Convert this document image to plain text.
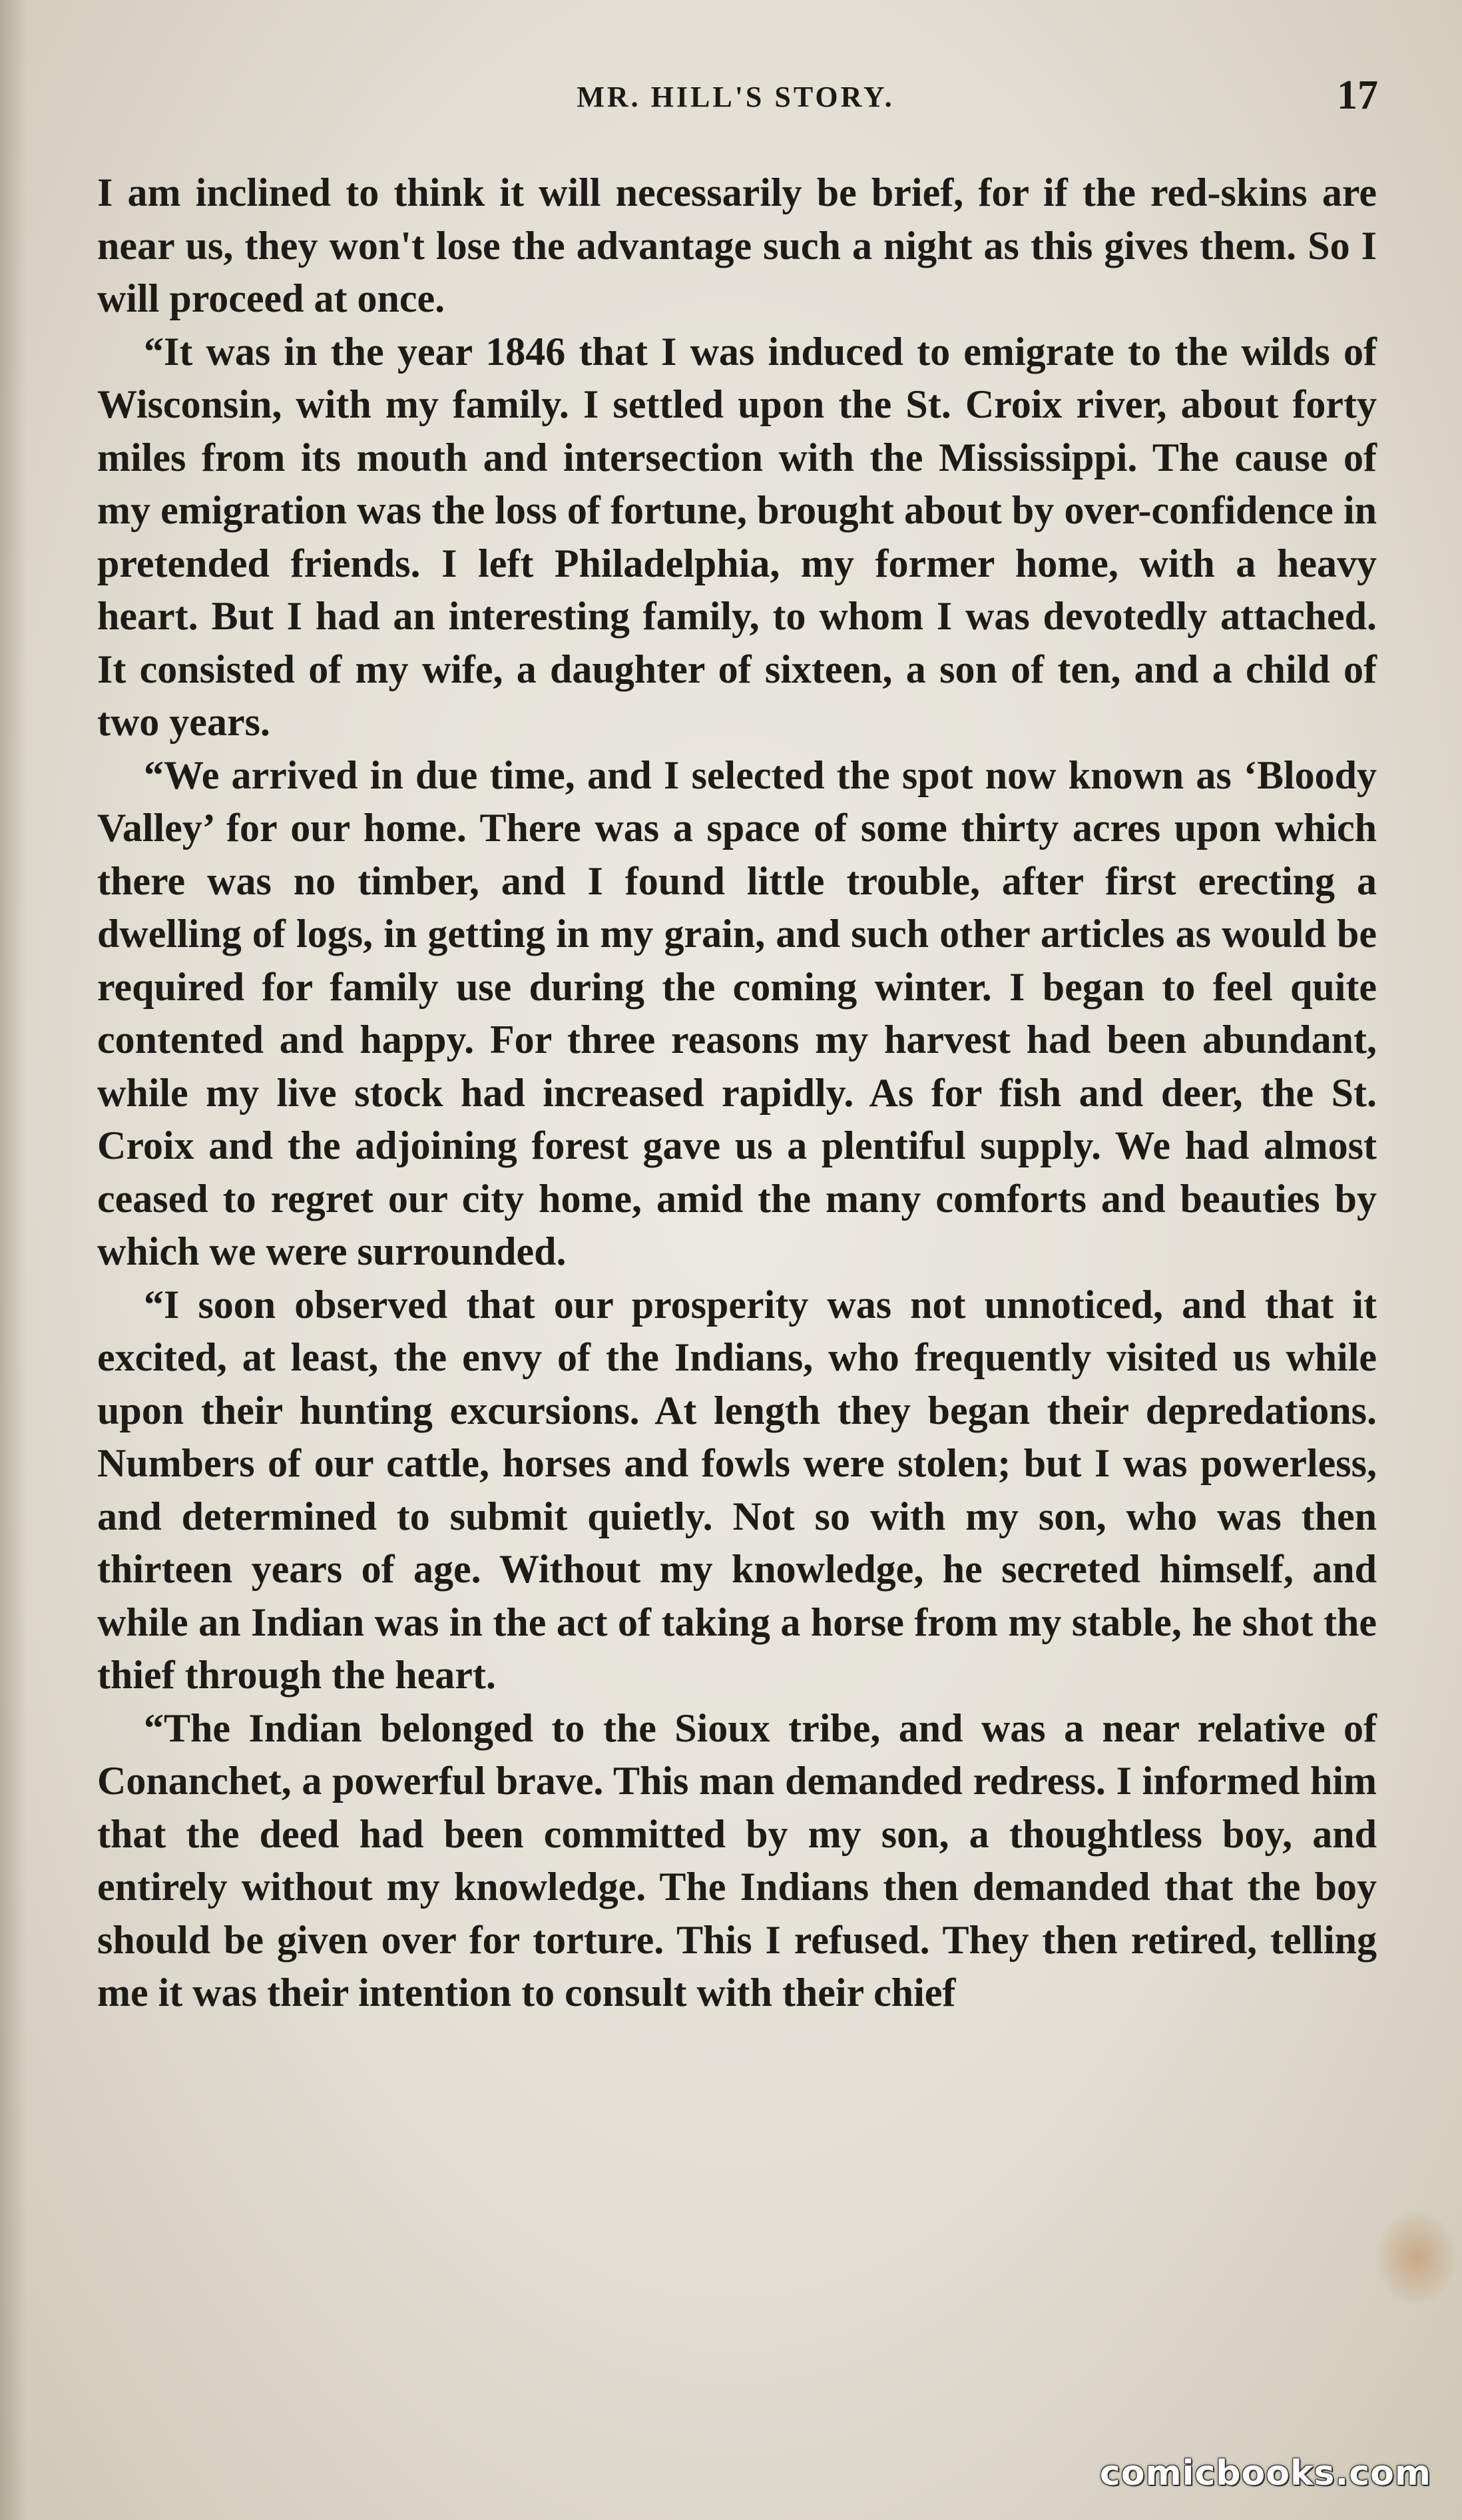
MR. HILL'S STORY.	17

I am inclined to think it will necessarily be brief, for if the red-skins are near us, they won't lose the advantage such a night as this gives them. So I will proceed at once.

“It was in the year 1846 that I was induced to emigrate to the wilds of Wisconsin, with my family. I settled upon the St. Croix river, about forty miles from its mouth and intersection with the Mississippi. The cause of my emigration was the loss of fortune, brought about by over-confidence in pretended friends. I left Philadelphia, my former home, with a heavy heart. But I had an interesting family, to whom I was devotedly attached. It consisted of my wife, a daughter of sixteen, a son of ten, and a child of two years.

“We arrived in due time, and I selected the spot now known as ‘Bloody Valley’ for our home. There was a space of some thirty acres upon which there was no timber, and I found little trouble, after first erecting a dwelling of logs, in getting in my grain, and such other articles as would be required for family use during the coming winter. I began to feel quite contented and happy. For three reasons my harvest had been abundant, while my live stock had increased rapidly. As for fish and deer, the St. Croix and the adjoining forest gave us a plentiful supply. We had almost ceased to regret our city home, amid the many comforts and beauties by which we were surrounded.

“I soon observed that our prosperity was not unnoticed, and that it excited, at least, the envy of the Indians, who frequently visited us while upon their hunting excursions. At length they began their depredations. Numbers of our cattle, horses and fowls were stolen; but I was powerless, and determined to submit quietly. Not so with my son, who was then thirteen years of age. Without my knowledge, he secreted himself, and while an Indian was in the act of taking a horse from my stable, he shot the thief through the heart.

“The Indian belonged to the Sioux tribe, and was a near relative of Conanchet, a powerful brave. This man demanded redress. I informed him that the deed had been committed by my son, a thoughtless boy, and entirely without my knowledge. The Indians then demanded that the boy should be given over for torture. This I refused. They then retired, telling me it was their intention to consult with their chief

comicbooks.com
